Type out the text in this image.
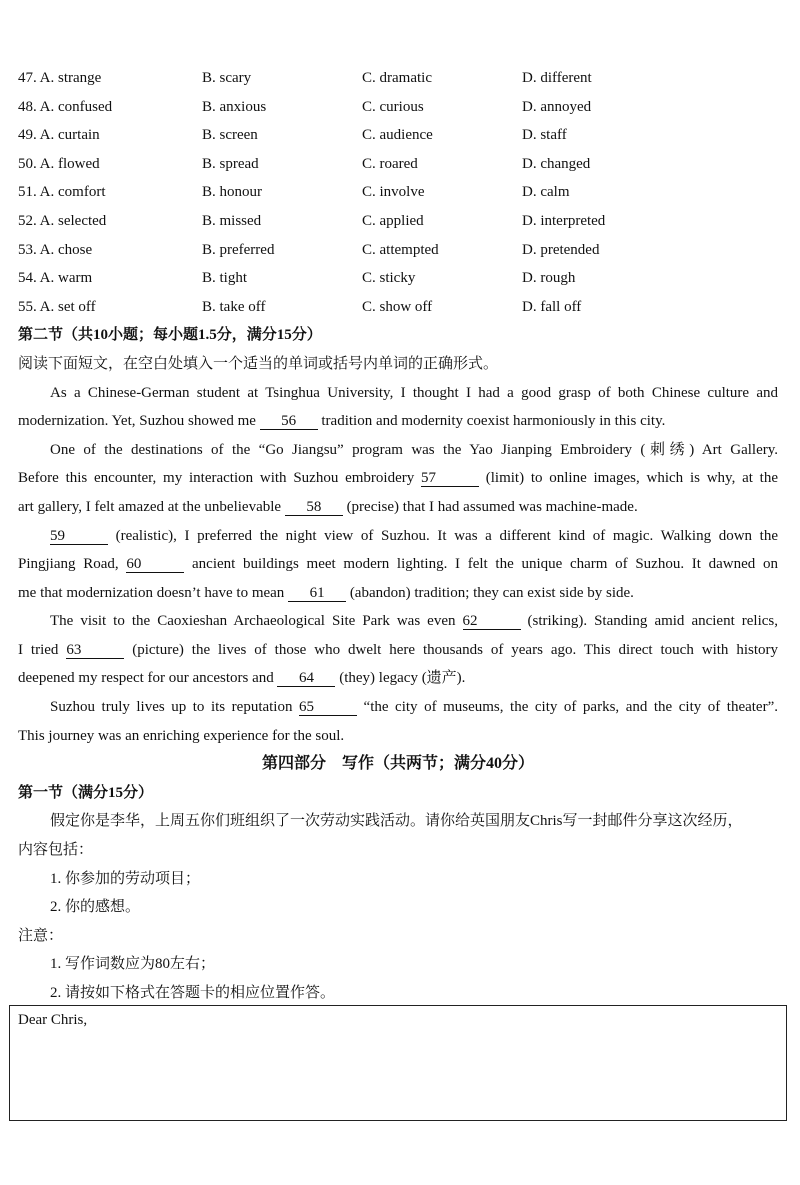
47. A. strange	B. scary	C. dramatic	D. different
48. A. confused	B. anxious	C. curious	D. annoyed
49. A. curtain	B. screen	C. audience	D. staff
50. A. flowed	B. spread	C. roared	D. changed
51. A. comfort	B. honour	C. involve	D. calm
52. A. selected	B. missed	C. applied	D. interpreted
53. A. chose	B. preferred	C. attempted	D. pretended
54. A. warm	B. tight	C. sticky	D. rough
55. A. set off	B. take off	C. show off	D. fall off
第二节（共10小题；每小题1.5分，满分15分）
阅读下面短文，在空白处填入一个适当的单词或括号内单词的正确形式。
As a Chinese-German student at Tsinghua University, I thought I had a good grasp of both Chinese culture and
modernization. Yet, Suzhou showed me 56 tradition and modernity coexist harmoniously in this city.
One of the destinations of the “Go Jiangsu” program was the Yao Jianping Embroidery (刺绣) Art Gallery.
Before this encounter, my interaction with Suzhou embroidery 57	(limit) to online images, which is why, at the
art gallery, I felt amazed at the unbelievable 58 (precise) that I had assumed was machine-made.
59	(realistic), I preferred the night view of Suzhou. It was a different kind of magic. Walking down the
Pingjiang Road, 60	ancient buildings meet modern lighting. I felt the unique charm of Suzhou. It dawned on
me that modernization doesn’t have to mean 61 (abandon) tradition; they can exist side by side.
The visit to the Caoxieshan Archaeological Site Park was even 62	(striking). Standing amid ancient relics,
I tried 63	(picture) the lives of those who dwelt here thousands of years ago. This direct touch with history
deepened my respect for our ancestors and 64 (they) legacy (遗产).
Suzhou truly lives up to its reputation 65	“the city of museums, the city of parks, and the city of theater”.
This journey was an enriching experience for the soul.
第四部分　写作（共两节；满分40分）
第一节（满分15分）
假定你是李华，上周五你们班组织了一次劳动实践活动。请你给英国朋友Chris写一封邮件分享这次经历，
内容包括：
1. 你参加的劳动项目；
2. 你的感想。
注意：
1. 写作词数应为80左右；
2. 请按如下格式在答题卡的相应位置作答。
Dear Chris,
